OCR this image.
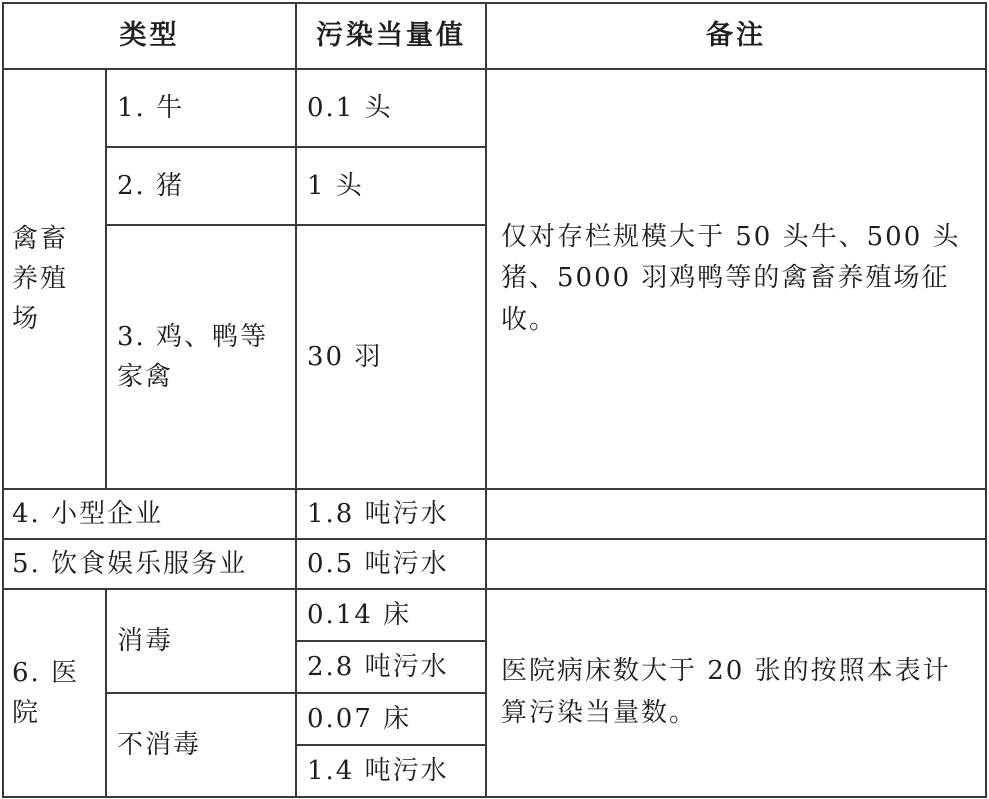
类型		污染当量值	备注
禽畜养殖场	1. 牛	0.1 头	仅对存栏规模大于 50 头牛、500 头猪、5000 羽鸡鸭等的禽畜养殖场征收。
	2. 猪	1 头	
	3. 鸡、鸭等家禽	30 羽	
4. 小型企业		1.8 吨污水	
5. 饮食娱乐服务业		0.5 吨污水	
6. 医院	消毒	0.14 床	医院病床数大于 20 张的按照本表计算污染当量数。
		2.8 吨污水	
	不消毒	0.07 床	
		1.4 吨污水	
